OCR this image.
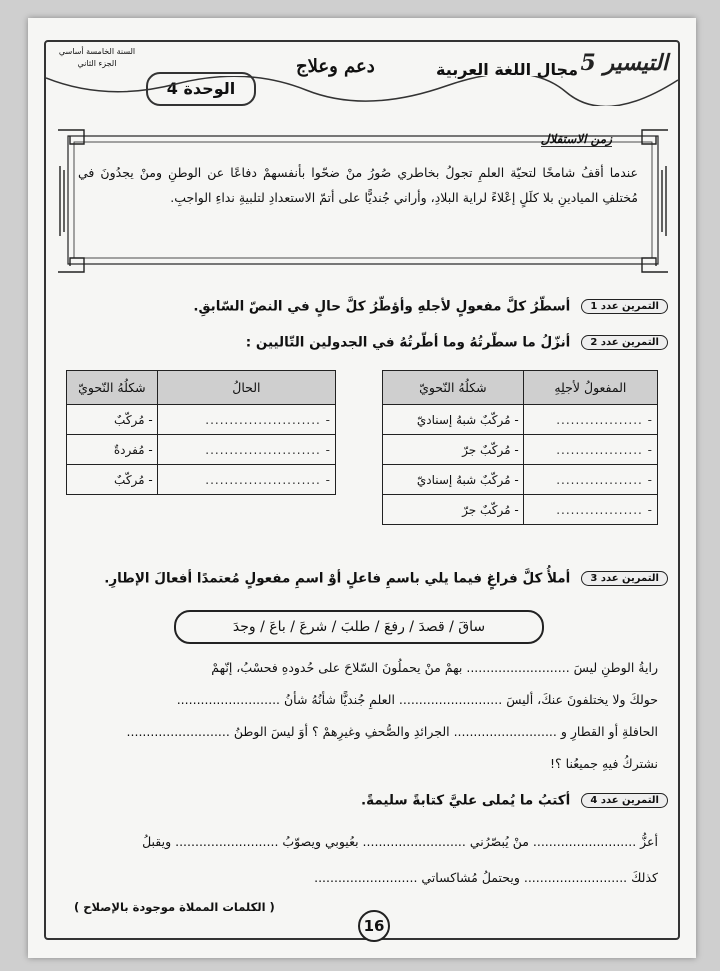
التيسير 5
مجال اللغة العربية
دعم وعلاج
السنة الخامسة أساسي
الجزء الثاني
الوحدة 4
زمن الاستقلال
عندما أقفُ شامخًا لتحيّة العلمِ تجولُ بخاطري صُورُ منْ ضحّوا بأنفسهمْ دفاعًا عن الوطنِ ومنْ يجدُونَ في مُختلفِ الميادينِ بلا كلَلٍ إعْلاءً لراية البلادِ، وأراني جُنديًّا على أتمّ الاستعدادِ لتلبيةِ نداءِ الواجبِ.
التمرين عدد 1 أسطّرُ كلَّ مفعولٍ لأجلهِ وأؤطّرُ كلَّ حالٍ في النصّ السّابقِ.
التمرين عدد 2 أنزّلُ ما سطّرتُهُ وما أطّرتُهُ في الجدولين التّاليين :
المفعولُ لأجلِهِ	شكلُهُ النّحويّ
- ..................	- مُركّبٌ شبهُ إسناديّ
- ..................	- مُركّبٌ جرّ
- ..................	- مُركّبٌ شبهُ إسناديّ
- ..................	- مُركّبٌ جرّ
الحالُ	شكلُهُ النّحويّ
- ........................	- مُركّبٌ
- ........................	- مُفردةٌ
- ........................	- مُركّبٌ
التمرين عدد 3 أملأُ كلَّ فراغٍ فيما يلي باسمِ فاعلٍ أوْ اسمِ مفعولٍ مُعتمدًا أفعالَ الإطارِ.
ساقَ / قصدَ / رفعَ / طلبَ / شرعَ / باعَ / وجدَ
رايةُ الوطنِ ليسَ .......................... بهمْ منْ يحملُونَ السّلاحَ على حُدودهِ فحسْبُ، إنّهمْ
حولكَ ولا يختلفونَ عنكَ، أليسَ .......................... العلمِ جُنديًّا شأنُهُ شأنُ ..........................
الحافلةِ أو القطارِ و .......................... الجرائدِ والصُّحفِ وغيرِهمْ ؟ أوَ ليسَ الوطنُ ..........................
نشتركُ فيهِ جميعُنا ؟!
التمرين عدد 4 أكتبُ ما يُملى عليَّ كتابةً سليمةً.
أعزُّ .......................... منْ يُبصّرُني .......................... بعُيوبي ويصوّبُ .......................... ويقبلُ
كذلكَ .......................... ويحتملُ مُشاكساتي ..........................
( الكلمات المملاة موجودة بالإصلاح )
16
